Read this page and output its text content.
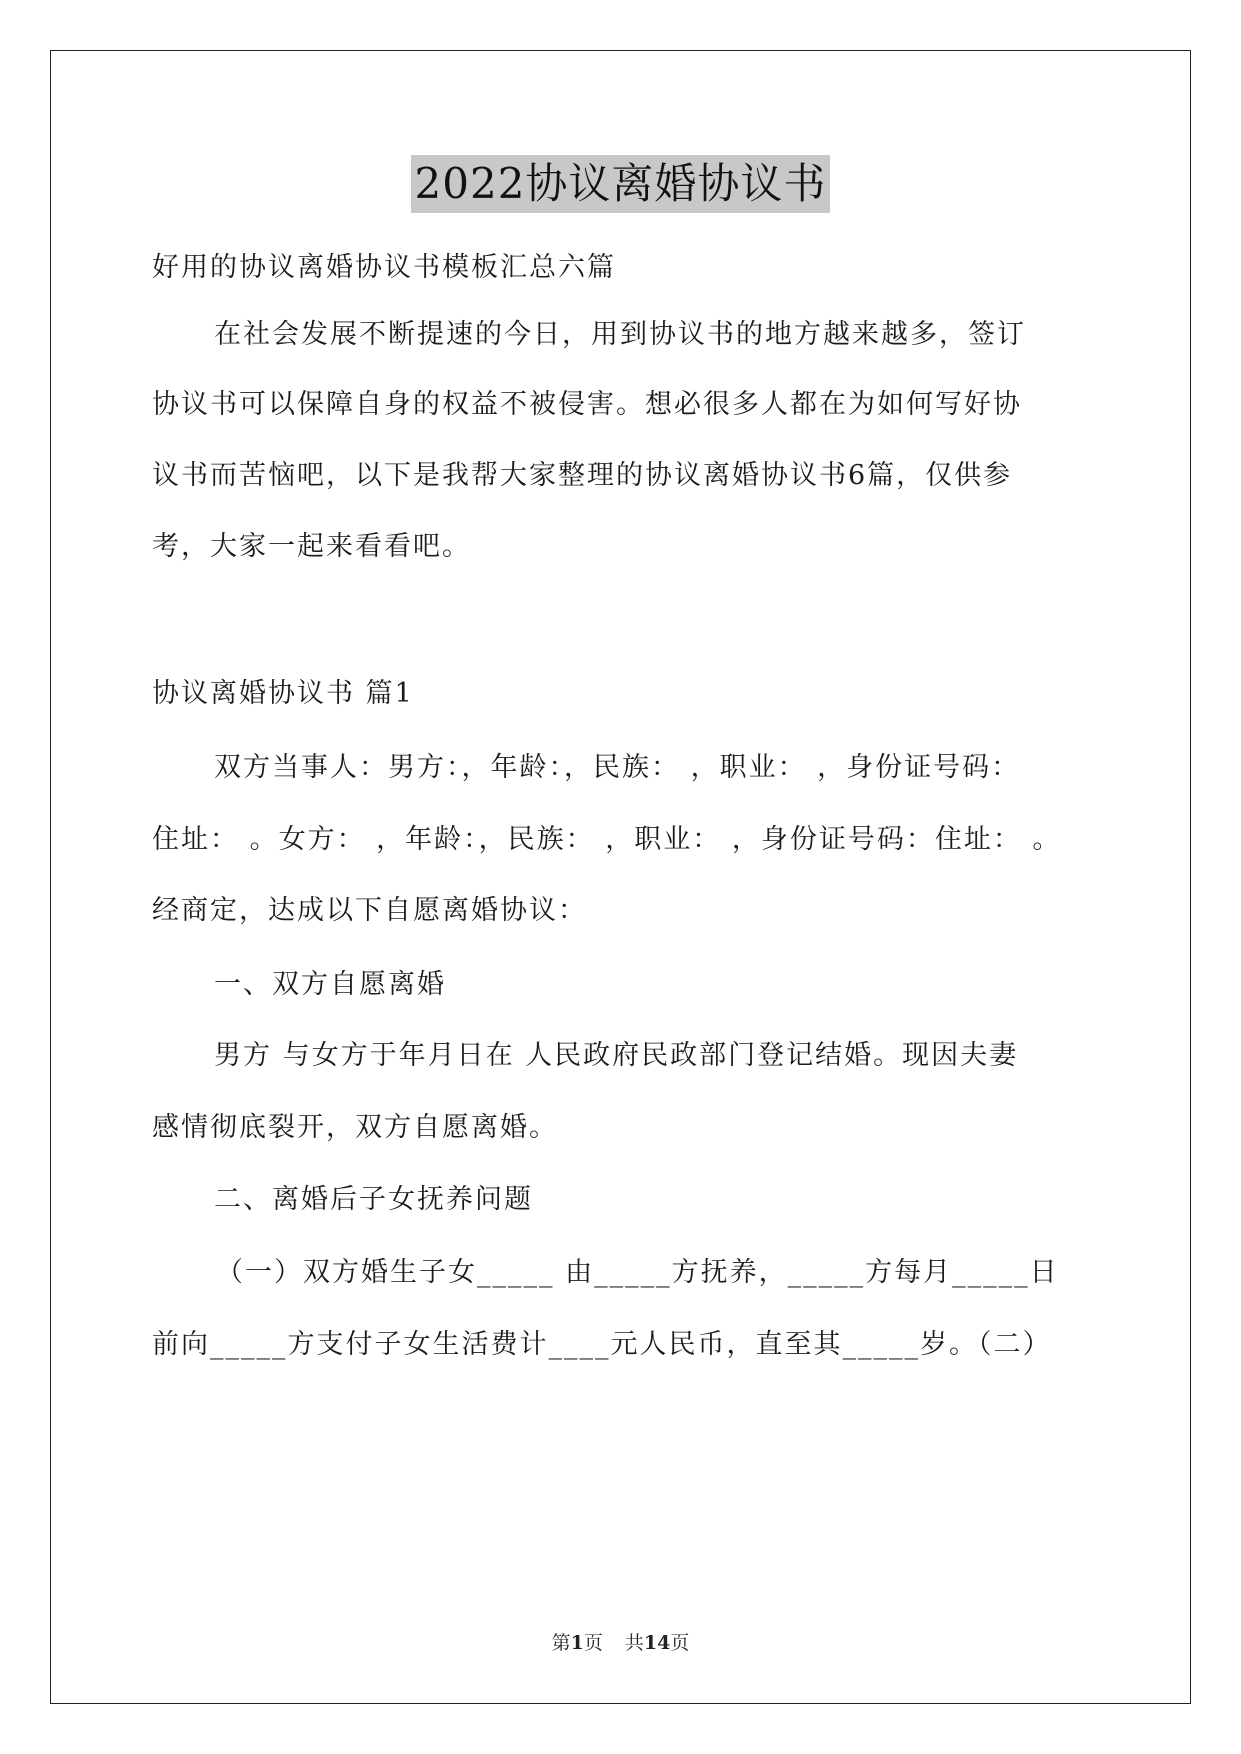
2022协议离婚协议书
好用的协议离婚协议书模板汇总六篇
在社会发展不断提速的今日，用到协议书的地方越来越多，签订
协议书可以保障自身的权益不被侵害。想必很多人都在为如何写好协
议书而苦恼吧，以下是我帮大家整理的协议离婚协议书6篇，仅供参
考，大家一起来看看吧。
协议离婚协议书 篇1
双方当事人：男方：，年龄：，民族： ，职业： ，身份证号码：
住址： 。女方： ，年龄：，民族： ，职业： ，身份证号码：住址： 。
经商定，达成以下自愿离婚协议：
一、双方自愿离婚
男方 与女方于年月日在 人民政府民政部门登记结婚。现因夫妻
感情彻底裂开，双方自愿离婚。
二、离婚后子女抚养问题
（一）双方婚生子女_____ 由_____方抚养，_____方每月_____日
前向_____方支付子女生活费计____元人民币，直至其_____岁。（二）
第1页 共14页
